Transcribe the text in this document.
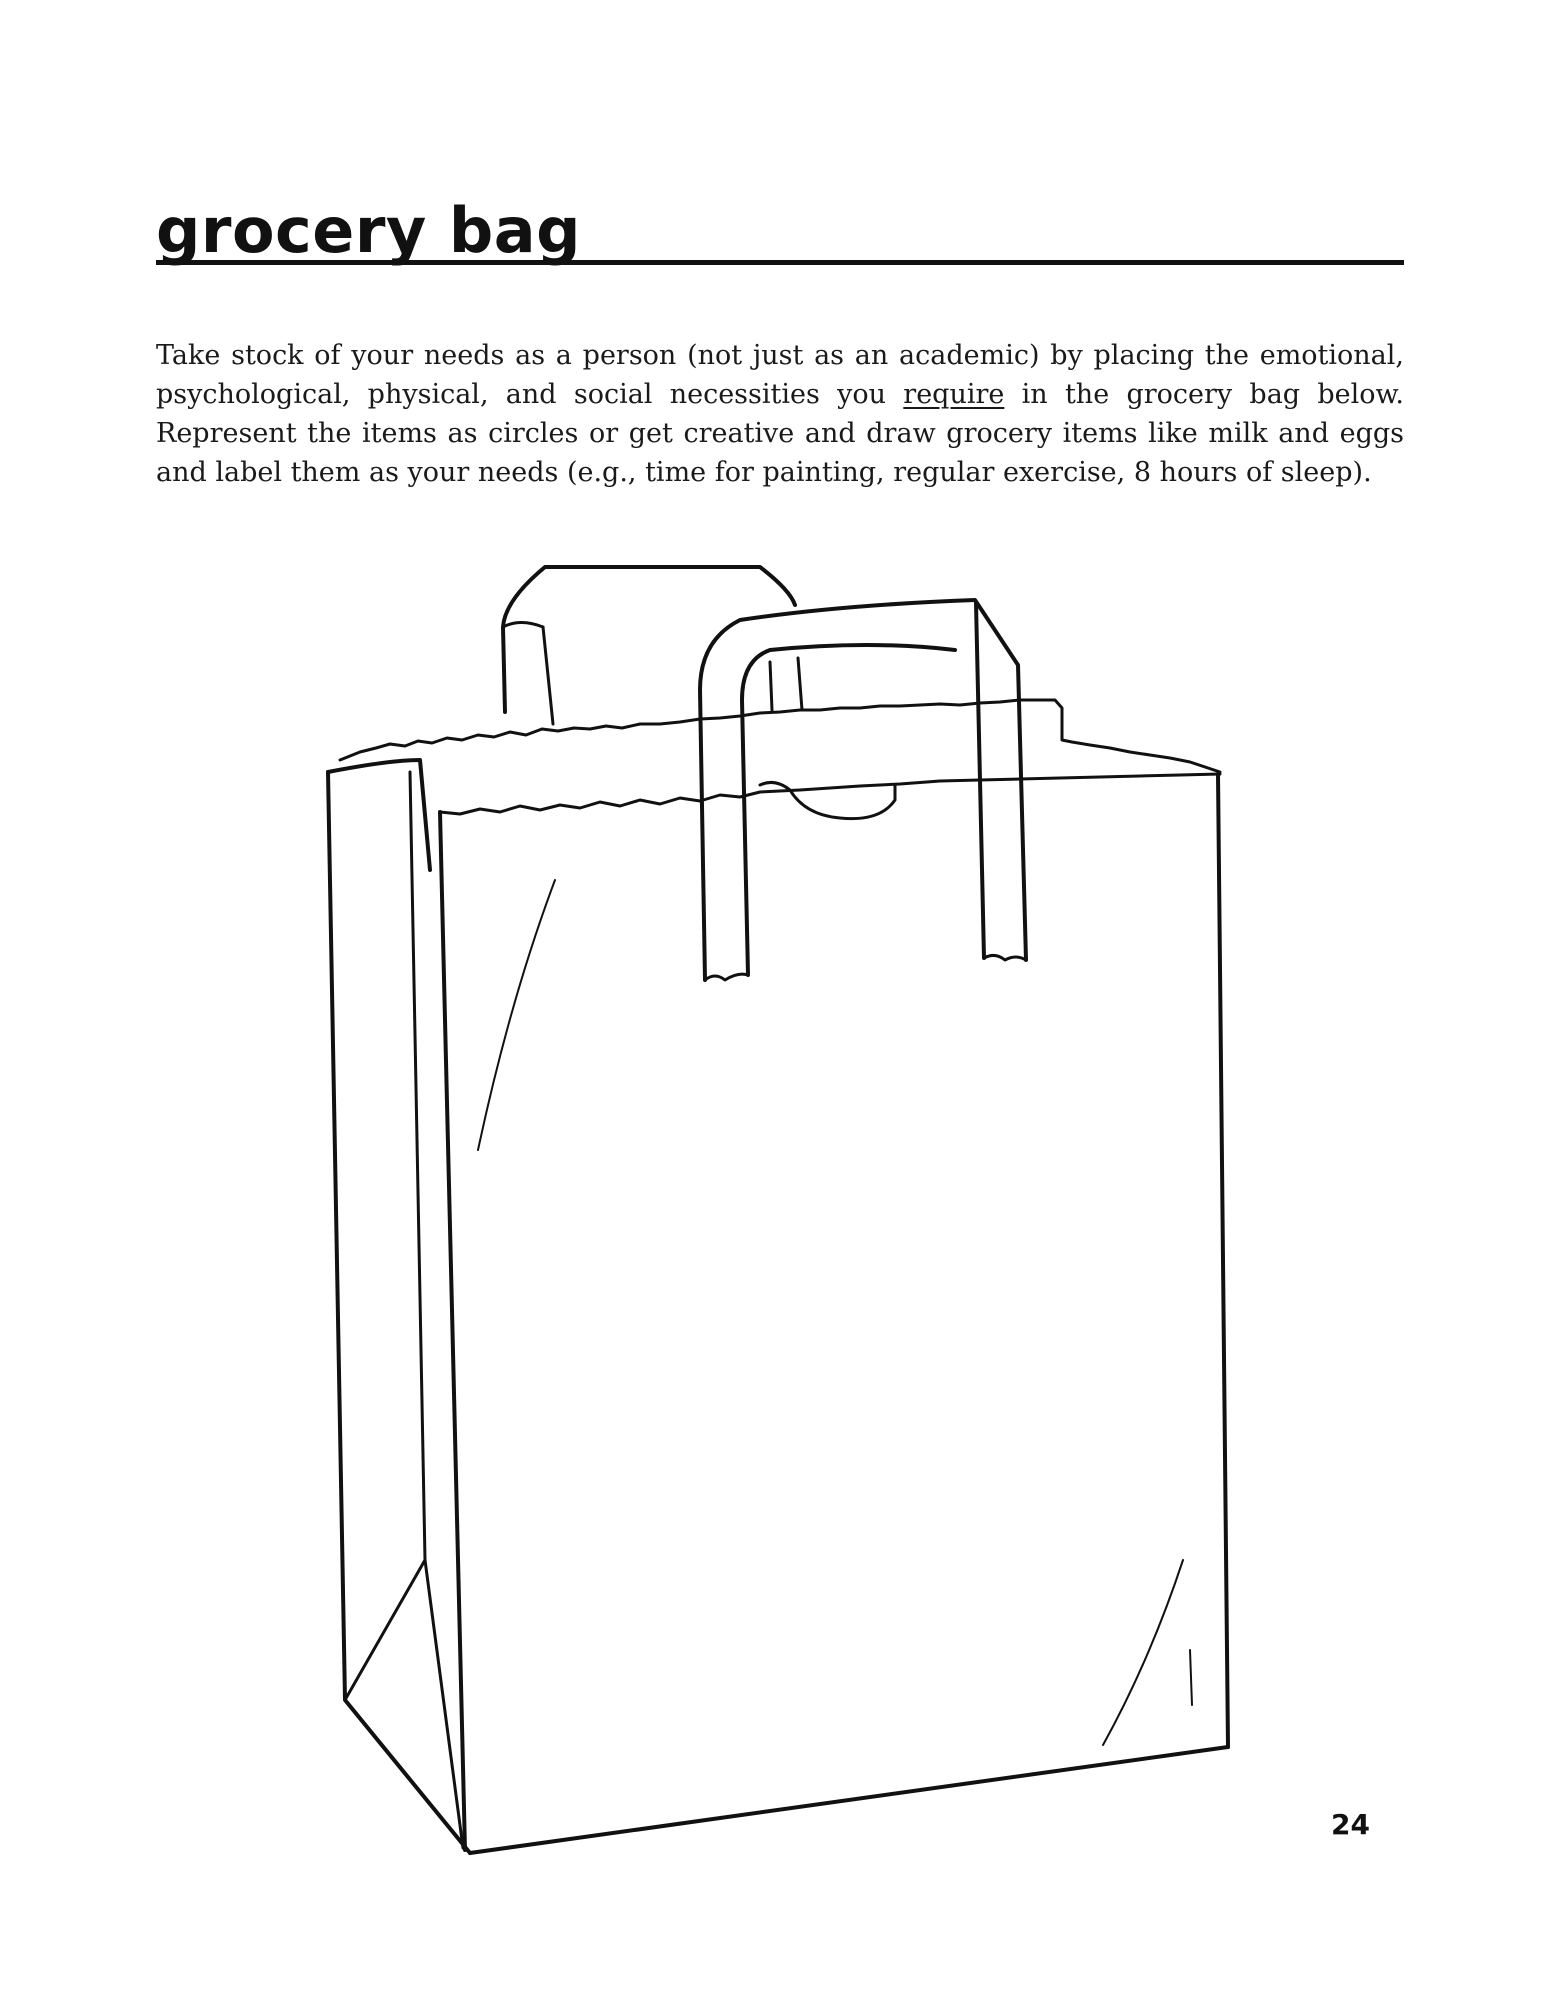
grocery bag

Take stock of your needs as a person (not just as an academic) by placing the emotional, psychological, physical, and social necessities you require in the grocery bag below. Represent the items as circles or get creative and draw grocery items like milk and eggs and label them as your needs (e.g., time for painting, regular exercise, 8 hours of sleep).

24
